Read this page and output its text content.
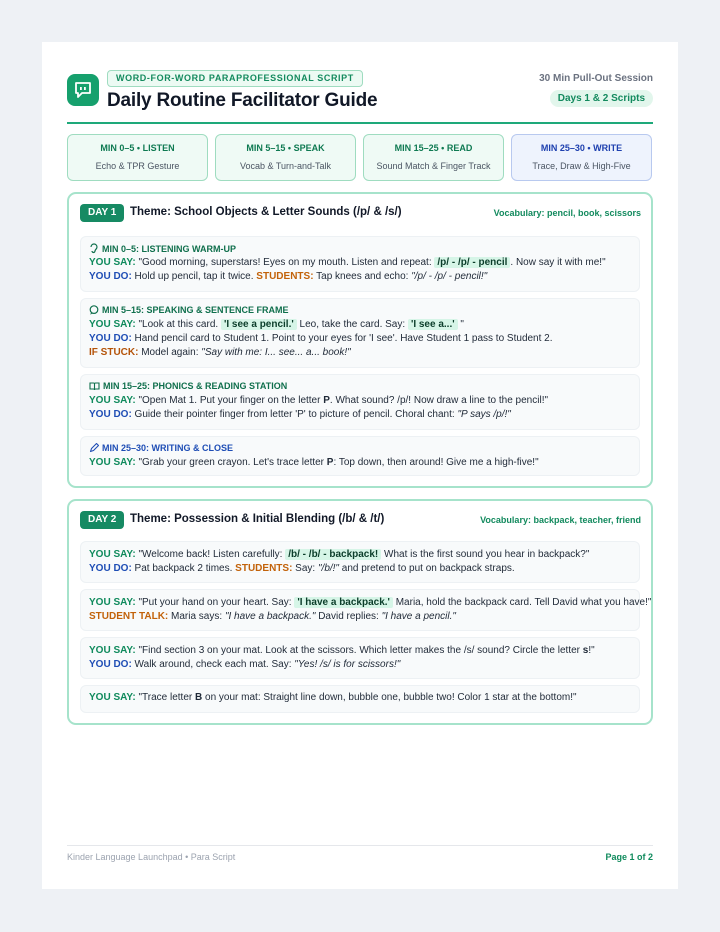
WORD-FOR-WORD PARAPROFESSIONAL SCRIPT
Daily Routine Facilitator Guide
30 Min Pull-Out Session
Days 1 & 2 Scripts
MIN 0–5 • LISTEN
Echo & TPR Gesture
MIN 5–15 • SPEAK
Vocab & Turn-and-Talk
MIN 15–25 • READ
Sound Match & Finger Track
MIN 25–30 • WRITE
Trace, Draw & High-Five
DAY 1	Theme: School Objects & Letter Sounds (/p/ & /s/)	Vocabulary: pencil, book, scissors
MIN 0–5: LISTENING WARM-UP
YOU SAY: "Good morning, superstars! Eyes on my mouth. Listen and repeat: /p/ - /p/ - pencil . Now say it with me!"
YOU DO: Hold up pencil, tap it twice. STUDENTS: Tap knees and echo: "/p/ - /p/ - pencil!"
MIN 5–15: SPEAKING & SENTENCE FRAME
YOU SAY: "Look at this card. 'I see a pencil.' Leo, take the card. Say: 'I see a...' "
YOU DO: Hand pencil card to Student 1. Point to your eyes for 'I see'. Have Student 1 pass to Student 2.
IF STUCK: Model again: "Say with me: I... see... a... book!"
MIN 15–25: PHONICS & READING STATION
YOU SAY: "Open Mat 1. Put your finger on the letter P. What sound? /p/! Now draw a line to the pencil!"
YOU DO: Guide their pointer finger from letter 'P' to picture of pencil. Choral chant: "P says /p/!"
MIN 25–30: WRITING & CLOSE
YOU SAY: "Grab your green crayon. Let's trace letter P: Top down, then around! Give me a high-five!"
DAY 2	Theme: Possession & Initial Blending (/b/ & /t/)	Vocabulary: backpack, teacher, friend
YOU SAY: "Welcome back! Listen carefully: /b/ - /b/ - backpack! What is the first sound you hear in backpack?"
YOU DO: Pat backpack 2 times. STUDENTS: Say: "/b/!" and pretend to put on backpack straps.
YOU SAY: "Put your hand on your heart. Say: 'I have a backpack.' Maria, hold the backpack card. Tell David what you have!"
STUDENT TALK: Maria says: "I have a backpack." David replies: "I have a pencil."
YOU SAY: "Find section 3 on your mat. Look at the scissors. Which letter makes the /s/ sound? Circle the letter s!"
YOU DO: Walk around, check each mat. Say: "Yes! /s/ is for scissors!"
YOU SAY: "Trace letter B on your mat: Straight line down, bubble one, bubble two! Color 1 star at the bottom!"
Kinder Language Launchpad • Para Script	Page 1 of 2
